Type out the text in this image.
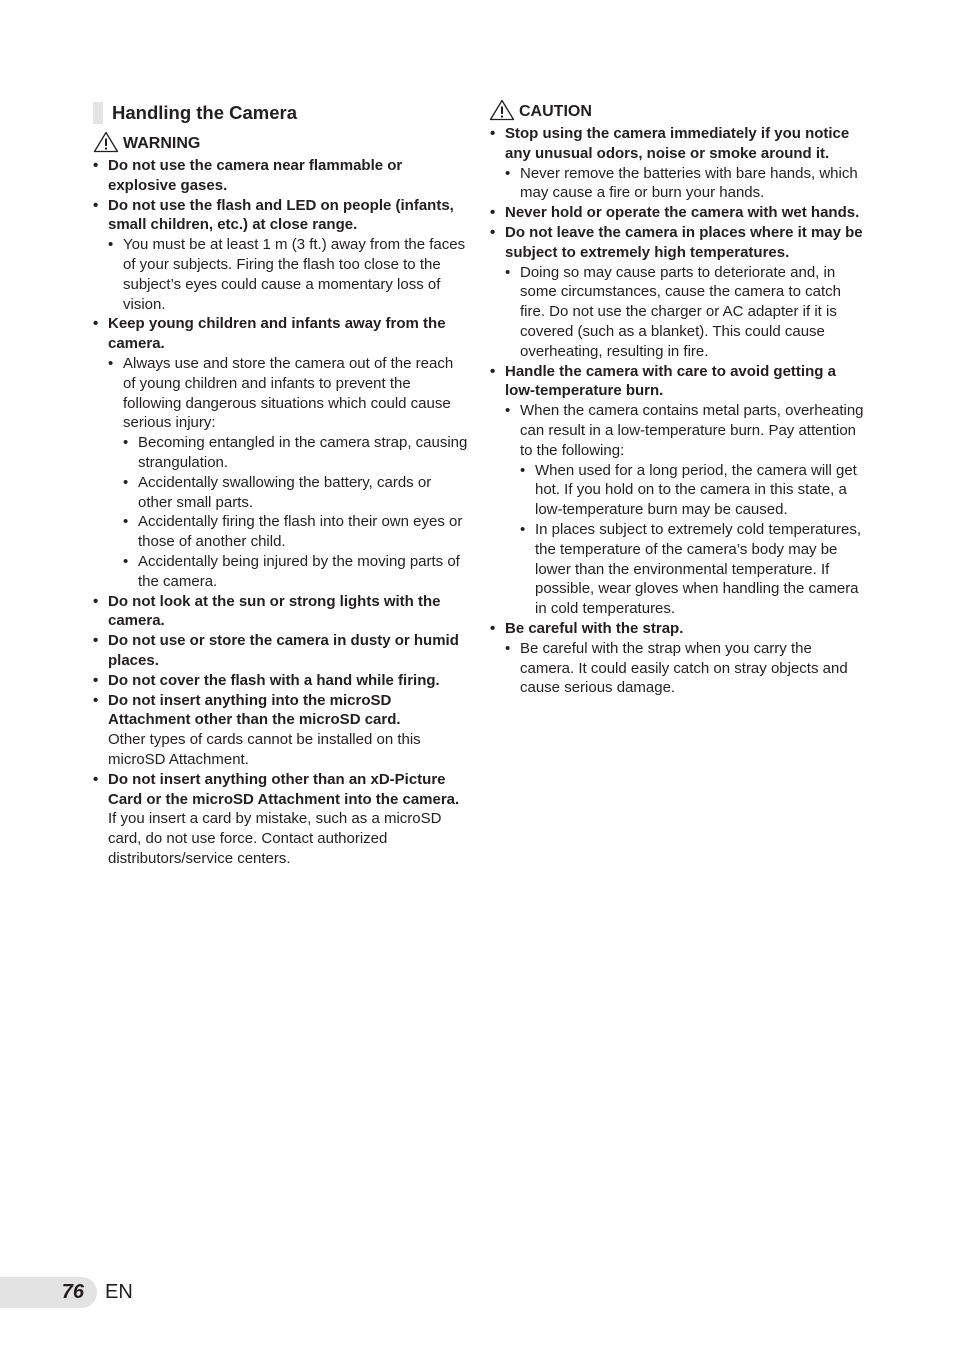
Handling the Camera
WARNING
• Do not use the camera near flammable or explosive gases.
• Do not use the flash and LED on people (infants, small children, etc.) at close range.
• You must be at least 1 m (3 ft.) away from the faces of your subjects. Firing the flash too close to the subject’s eyes could cause a momentary loss of vision.
• Keep young children and infants away from the camera.
• Always use and store the camera out of the reach of young children and infants to prevent the following dangerous situations which could cause serious injury:
• Becoming entangled in the camera strap, causing strangulation.
• Accidentally swallowing the battery, cards or other small parts.
• Accidentally firing the flash into their own eyes or those of another child.
• Accidentally being injured by the moving parts of the camera.
• Do not look at the sun or strong lights with the camera.
• Do not use or store the camera in dusty or humid places.
• Do not cover the flash with a hand while firing.
• Do not insert anything into the microSD Attachment other than the microSD card.
Other types of cards cannot be installed on this microSD Attachment.
• Do not insert anything other than an xD-Picture Card or the microSD Attachment into the camera.
If you insert a card by mistake, such as a microSD card, do not use force. Contact authorized distributors/service centers.
CAUTION
• Stop using the camera immediately if you notice any unusual odors, noise or smoke around it.
• Never remove the batteries with bare hands, which may cause a fire or burn your hands.
• Never hold or operate the camera with wet hands.
• Do not leave the camera in places where it may be subject to extremely high temperatures.
• Doing so may cause parts to deteriorate and, in some circumstances, cause the camera to catch fire. Do not use the charger or AC adapter if it is covered (such as a blanket). This could cause overheating, resulting in fire.
• Handle the camera with care to avoid getting a low-temperature burn.
• When the camera contains metal parts, overheating can result in a low-temperature burn. Pay attention to the following:
• When used for a long period, the camera will get hot. If you hold on to the camera in this state, a low-temperature burn may be caused.
• In places subject to extremely cold temperatures, the temperature of the camera’s body may be lower than the environmental temperature. If possible, wear gloves when handling the camera in cold temperatures.
• Be careful with the strap.
• Be careful with the strap when you carry the camera. It could easily catch on stray objects and cause serious damage.
76 EN
